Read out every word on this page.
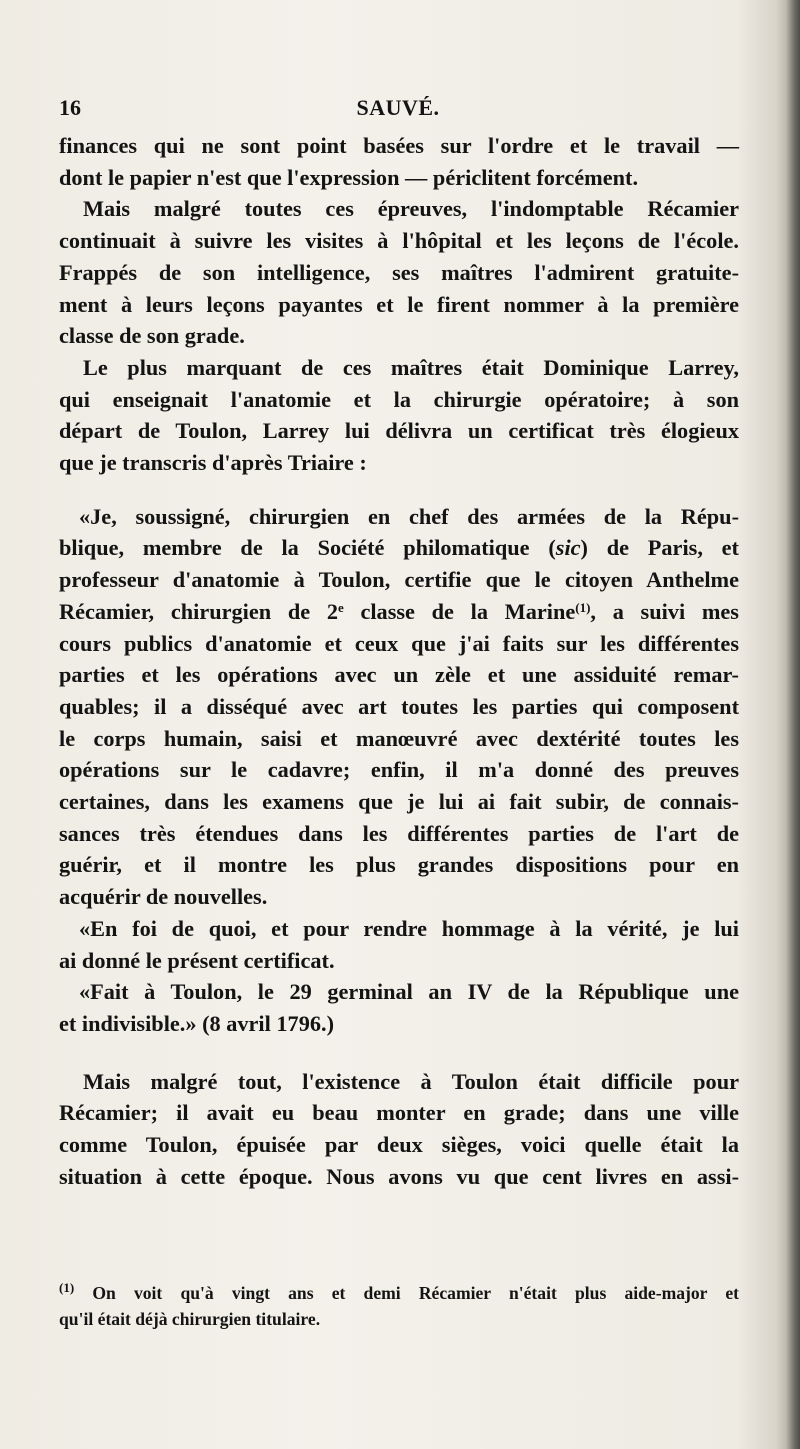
16	SAUVÉ.
finances qui ne sont point basées sur l'ordre et le travail —
dont le papier n'est que l'expression — périclitent forcément.
Mais malgré toutes ces épreuves, l'indomptable Récamier
continuait à suivre les visites à l'hôpital et les leçons de l'école.
Frappés de son intelligence, ses maîtres l'admirent gratuite-
ment à leurs leçons payantes et le firent nommer à la première
classe de son grade.
Le plus marquant de ces maîtres était Dominique Larrey,
qui enseignait l'anatomie et la chirurgie opératoire; à son
départ de Toulon, Larrey lui délivra un certificat très élogieux
que je transcris d'après Triaire :
«Je, soussigné, chirurgien en chef des armées de la Répu-
blique, membre de la Société philomatique (sic) de Paris, et
professeur d'anatomie à Toulon, certifie que le citoyen Anthelme
Récamier, chirurgien de 2e classe de la Marine$^{(1)}$, a suivi mes
cours publics d'anatomie et ceux que j'ai faits sur les différentes
parties et les opérations avec un zèle et une assiduité remar-
quables; il a disséqué avec art toutes les parties qui composent
le corps humain, saisi et manœuvré avec dextérité toutes les
opérations sur le cadavre; enfin, il m'a donné des preuves
certaines, dans les examens que je lui ai fait subir, de connais-
sances très étendues dans les différentes parties de l'art de
guérir, et il montre les plus grandes dispositions pour en
acquérir de nouvelles.
«En foi de quoi, et pour rendre hommage à la vérité, je lui
ai donné le présent certificat.
«Fait à Toulon, le 29 germinal an IV de la République une
et indivisible.» (8 avril 1796.)
Mais malgré tout, l'existence à Toulon était difficile pour
Récamier; il avait eu beau monter en grade; dans une ville
comme Toulon, épuisée par deux sièges, voici quelle était la
situation à cette époque. Nous avons vu que cent livres en assi-
$^{(1)}$ On voit qu'à vingt ans et demi Récamier n'était plus aide-major et
qu'il était déjà chirurgien titulaire.
